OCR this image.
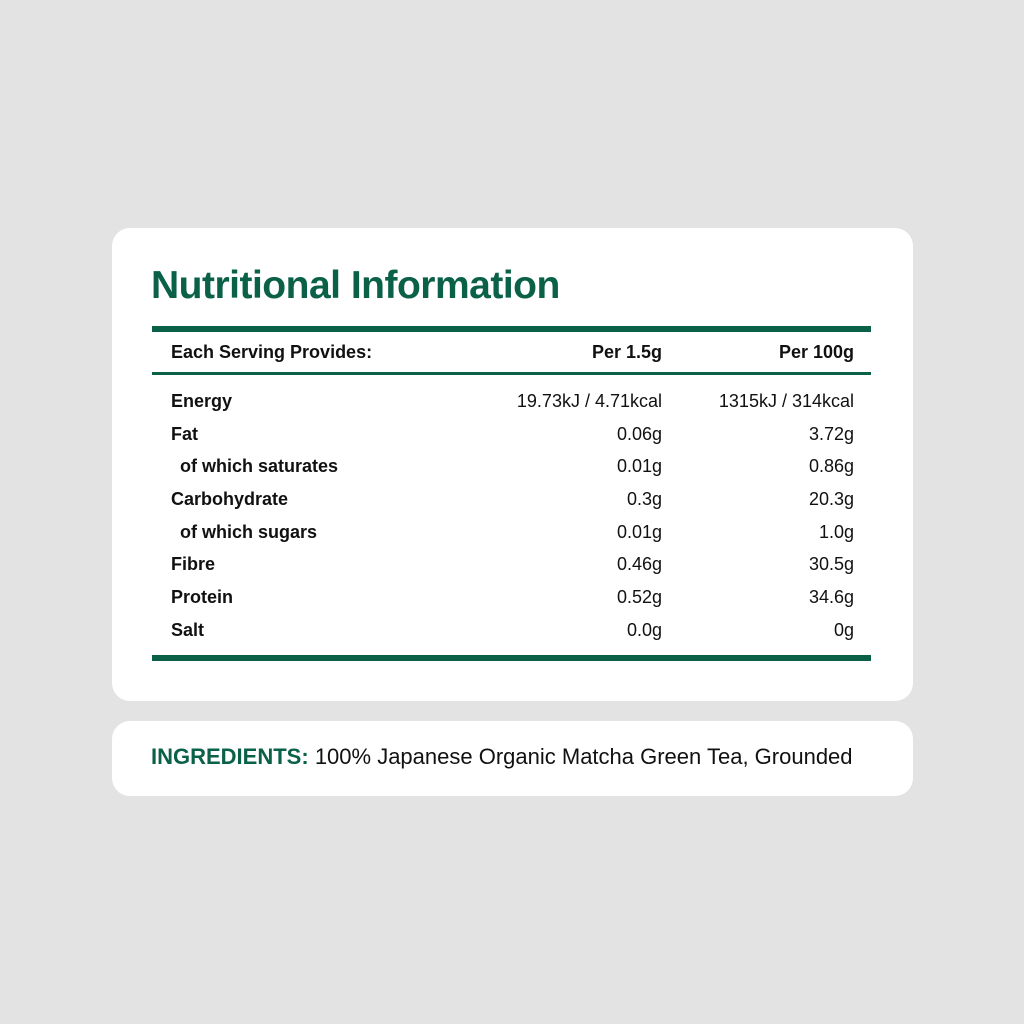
Nutritional Information
Each Serving Provides:	Per 1.5g	Per 100g
Energy	19.73kJ / 4.71kcal	1315kJ / 314kcal
Fat	0.06g	3.72g
of which saturates	0.01g	0.86g
Carbohydrate	0.3g	20.3g
of which sugars	0.01g	1.0g
Fibre	0.46g	30.5g
Protein	0.52g	34.6g
Salt	0.0g	0g
INGREDIENTS: 100% Japanese Organic Matcha Green Tea, Grounded
